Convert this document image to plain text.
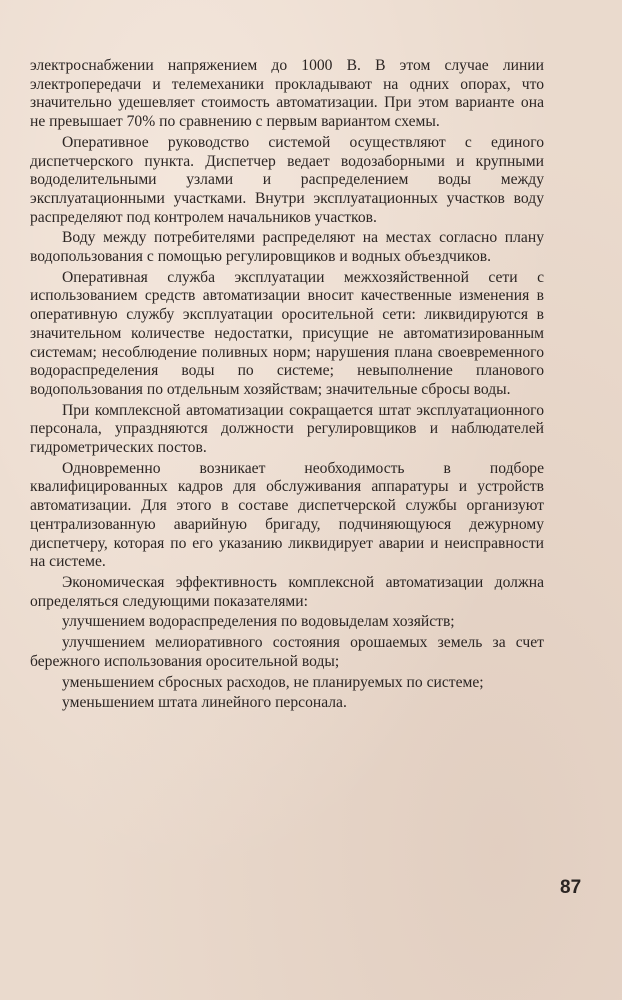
электроснабжении напряжением до 1000 В. В этом случае линии электропередачи и телемеханики прокладывают на одних опорах, что значительно удешевляет стоимость автоматизации. При этом варианте она не превышает 70% по сравнению с первым вариантом схемы.

Оперативное руководство системой осуществляют с единого диспетчерского пункта. Диспетчер ведает водозаборными и крупными вододелительными узлами и распределением воды между эксплуатационными участками. Внутри эксплуатационных участков воду распределяют под контролем начальников участков.

Воду между потребителями распределяют на местах согласно плану водопользования с помощью регулировщиков и водных объездчиков.

Оперативная служба эксплуатации межхозяйственной сети с использованием средств автоматизации вносит качественные изменения в оперативную службу эксплуатации оросительной сети: ликвидируются в значительном количестве недостатки, присущие не автоматизированным системам; несоблюдение поливных норм; нарушения плана своевременного водораспределения воды по системе; невыполнение планового водопользования по отдельным хозяйствам; значительные сбросы воды.

При комплексной автоматизации сокращается штат эксплуатационного персонала, упраздняются должности регулировщиков и наблюдателей гидрометрических постов.

Одновременно возникает необходимость в подборе квалифицированных кадров для обслуживания аппаратуры и устройств автоматизации. Для этого в составе диспетчерской службы организуют централизованную аварийную бригаду, подчиняющуюся дежурному диспетчеру, которая по его указанию ликвидирует аварии и неисправности на системе.

Экономическая эффективность комплексной автоматизации должна определяться следующими показателями:

улучшением водораспределения по водовыделам хозяйств;

улучшением мелиоративного состояния орошаемых земель за счет бережного использования оросительной воды;

уменьшением сбросных расходов, не планируемых по системе;

уменьшением штата линейного персонала.

87
